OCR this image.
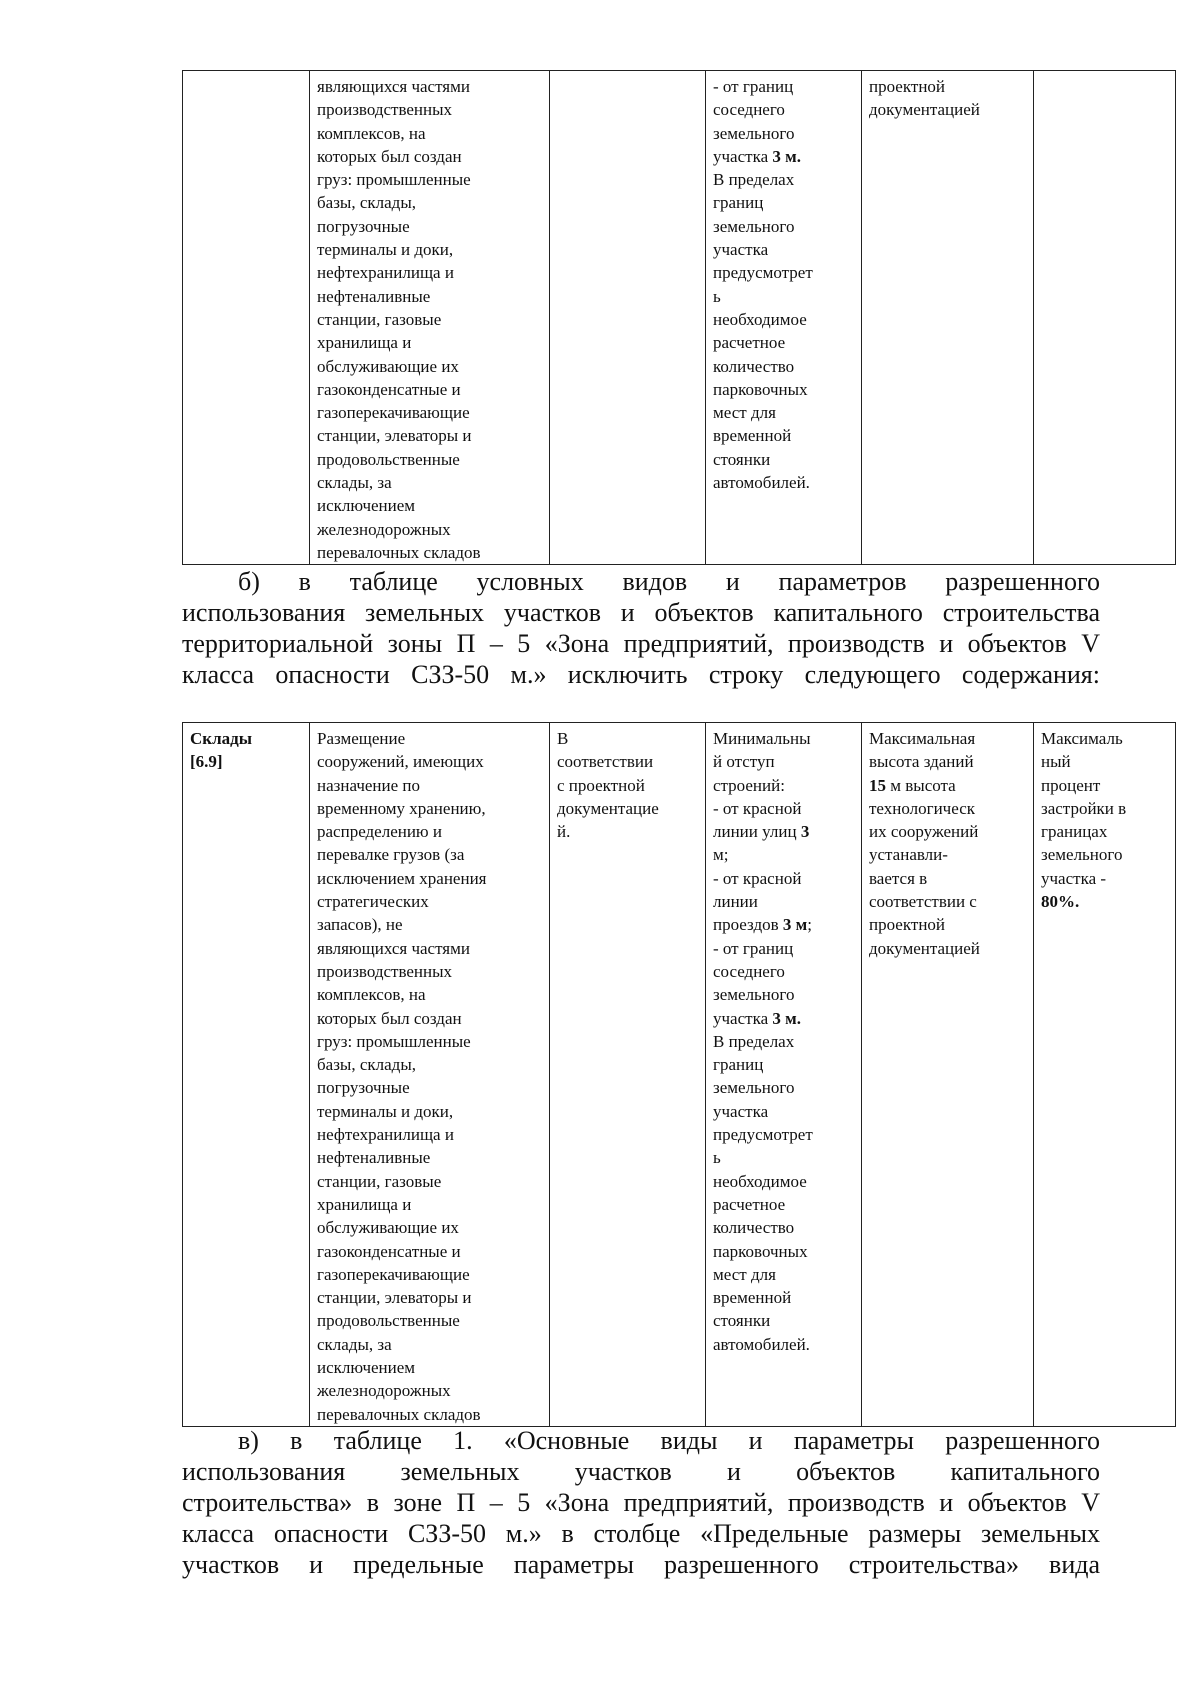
	являющихся частями
производственных
комплексов, на
которых был создан
груз: промышленные
базы, склады,
погрузочные
терминалы и доки,
нефтехранилища и
нефтеналивные
станции, газовые
хранилища и
обслуживающие их
газоконденсатные и
газоперекачивающие
станции, элеваторы и
продовольственные
склады, за
исключением
железнодорожных
перевалочных складов		- от границ
соседнего
земельного
участка 3 м.
В пределах
границ
земельного
участка
предусмотрет
ь
необходимое
расчетное
количество
парковочных
мест для
временной
стоянки
автомобилей.	проектной
документацией	

б) в таблице условных видов и параметров разрешенного

использования земельных участков и объектов капитального строительства

территориальной зоны П – 5 «Зона предприятий, производств и объектов V

класса опасности СЗЗ-50 м.» исключить строку следующего содержания:

Склады
[6.9]	Размещение
сооружений, имеющих
назначение по
временному хранению,
распределению и
перевалке грузов (за
исключением хранения
стратегических
запасов), не
являющихся частями
производственных
комплексов, на
которых был создан
груз: промышленные
базы, склады,
погрузочные
терминалы и доки,
нефтехранилища и
нефтеналивные
станции, газовые
хранилища и
обслуживающие их
газоконденсатные и
газоперекачивающие
станции, элеваторы и
продовольственные
склады, за
исключением
железнодорожных
перевалочных складов	В
соответствии
с проектной
документацие
й.	Минимальны
й отступ
строений:
- от красной
линии улиц 3
м;
- от красной
линии
проездов 3 м;
- от границ
соседнего
земельного
участка 3 м.
В пределах
границ
земельного
участка
предусмотрет
ь
необходимое
расчетное
количество
парковочных
мест для
временной
стоянки
автомобилей.	Максимальная
высота зданий
15 м высота
технологическ
их сооружений
устанавли-
вается в
соответствии с
проектной
документацией	Максималь
ный
процент
застройки в
границах
земельного
участка -
80%.

в) в таблице 1. «Основные виды и параметры разрешенного

использования земельных участков и объектов капитального

строительства» в зоне П – 5 «Зона предприятий, производств и объектов V

класса опасности СЗЗ-50 м.» в столбце «Предельные размеры земельных

участков и предельные параметры разрешенного строительства» вида
